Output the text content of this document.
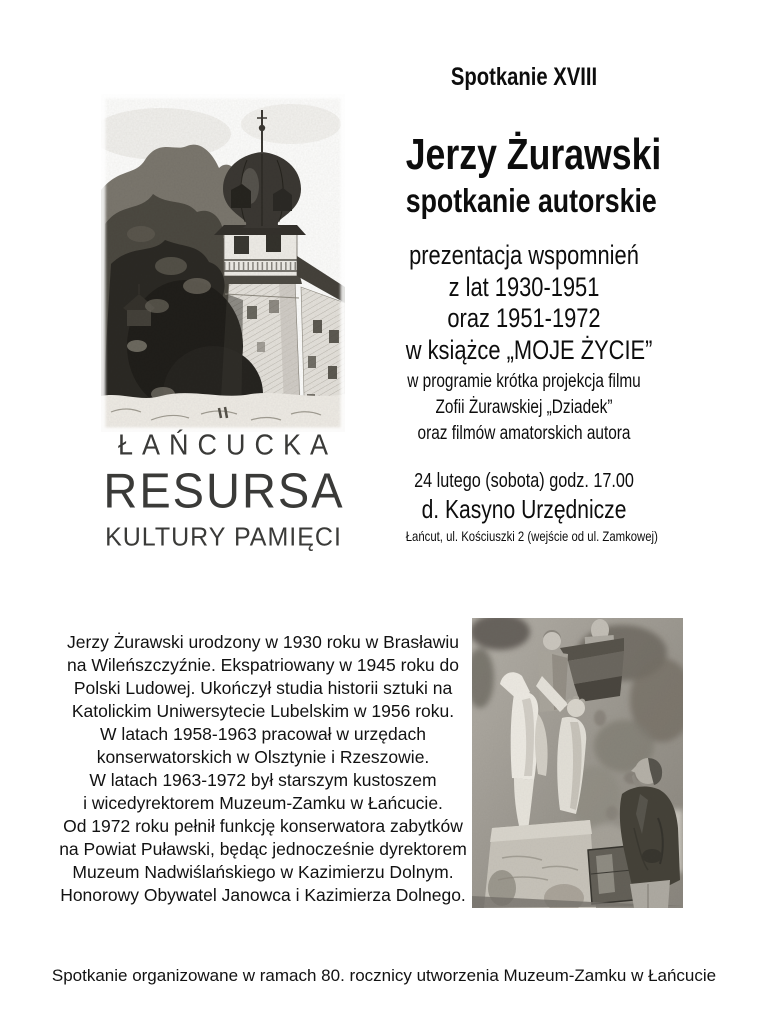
ŁAŃCUCKA
RESURSA
KULTURY PAMIĘCI
Spotkanie XVIII
Jerzy Żurawski
spotkanie autorskie
prezentacja wspomnień
z lat 1930-1951
oraz 1951-1972
w książce „MOJE ŻYCIE”
w programie krótka projekcja filmu
Zofii Żurawskiej „Dziadek”
oraz filmów amatorskich autora
24 lutego (sobota) godz. 17.00
d. Kasyno Urzędnicze
Łańcut, ul. Kościuszki 2 (wejście od ul. Zamkowej)
Jerzy Żurawski urodzony w 1930 roku w Brasławiu
na Wileńszczyźnie. Ekspatriowany w 1945 roku do
Polski Ludowej. Ukończył studia historii sztuki na
Katolickim Uniwersytecie Lubelskim w 1956 roku.
W latach 1958-1963 pracował w urzędach
konserwatorskich w Olsztynie i Rzeszowie.
W latach 1963-1972 był starszym kustoszem
i wicedyrektorem Muzeum-Zamku w Łańcucie.
Od 1972 roku pełnił funkcję konserwatora zabytków
na Powiat Puławski, będąc jednocześnie dyrektorem
Muzeum Nadwiślańskiego w Kazimierzu Dolnym.
Honorowy Obywatel Janowca i Kazimierza Dolnego.
Spotkanie organizowane w ramach 80. rocznicy utworzenia Muzeum-Zamku w Łańcucie
